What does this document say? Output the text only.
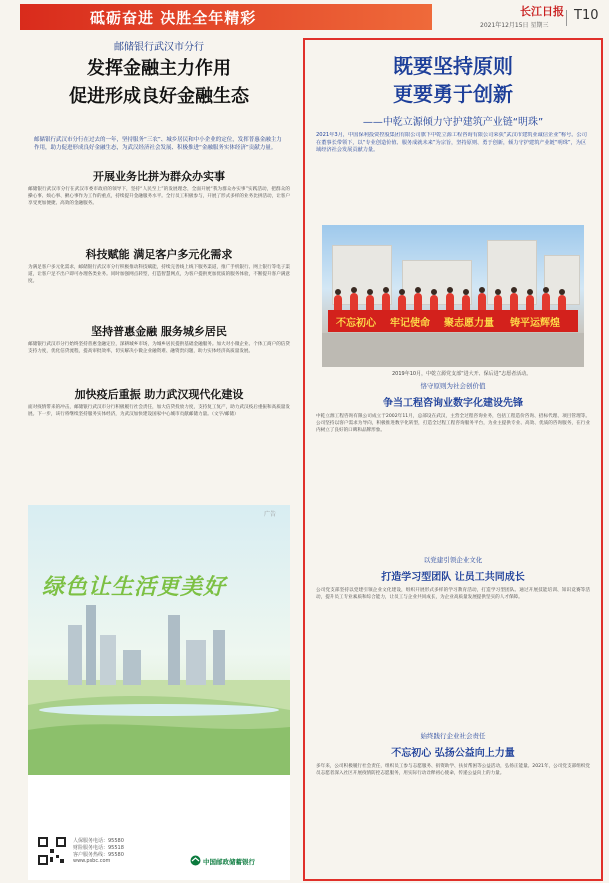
砥砺奋进 决胜全年精彩	长江日报
2021年12月15日 星期三
T10
邮储银行武汉市分行
发挥金融主力作用
促进形成良好金融生态
邮储银行武汉市分行在过去的一年，坚持服务“三农”、城乡居民和中小企业的定位，发挥普惠金融主力作用，助力促进形成良好金融生态，为武汉经济社会发展、积极推进“金融服务实体经济”贡献力量。
开展业务比拼为群众办实事
邮储银行武汉市分行在武汉市委市政府的领导下，坚持“人民至上”的发展理念，全面开展“我为群众办实事”实践活动，把群众的操心事、烦心事、揪心事作为工作的重点，持续提升金融服务水平。全行员工积极参与，开展了形式多样的业务比拼活动，让客户享受更加便捷、高效的金融服务。
科技赋能 满足客户多元化需求
为满足客户多元化需求，邮储银行武汉市分行积极推动科技赋能，持续完善线上线下服务渠道，推广手机银行、网上银行等电子渠道，让客户足不出户即可办理各类业务。同时加强网点转型，打造智慧网点，为客户提供更加优质的服务体验，不断提升客户满意度。
坚持普惠金融 服务城乡居民
邮储银行武汉市分行始终坚持普惠金融定位，深耕城乡市场，为城乡居民提供基础金融服务。加大对小微企业、个体工商户的信贷支持力度，优化信贷流程，提高审批效率，切实解决小微企业融资难、融资贵问题，助力实体经济高质量发展。
加快疫后重振 助力武汉现代化建设
面对疫情带来的冲击，邮储银行武汉市分行积极履行社会责任，加大信贷投放力度，支持复工复产，助力武汉疫后重振和高质量发展。下一步，该行将继续坚持服务实体经济，为武汉加快建设国家中心城市贡献邮储力量。（文字/邮储）
广告
绿色让生活更美好
人保服务电话：95580
财险服务电话：95518
客户服务热线：95580
www.psbc.com	中国邮政储蓄银行
既要坚持原则
更要勇于创新
——中乾立源倾力守护建筑产业链“明珠”
2021年3月，中国保利投资控股集团有限公司旗下中乾立源工程咨询有限公司荣获“武汉市建筑业诚信企业”称号。公司在董事长带领下，以“专业创造价值、服务成就未来”为宗旨，坚持原则、勇于创新，倾力守护建筑产业链“明珠”，为区域经济社会发展贡献力量。
不忘初心 牢记使命 聚志愿力量 铸平运辉煌
2019年10月，中乾立源党支部“进大开、保后进”志愿者活动。
恪守原则为社会创价值
争当工程咨询业数字化建设先锋
中乾立源工程咨询有限公司成立于2002年11月，总部设在武汉，主营全过程咨询业务，包括工程造价咨询、招标代理、项目管理等。公司坚持以客户需求为导向，积极推进数字化转型，打造全过程工程咨询服务平台，为业主提供专业、高效、优质的咨询服务，在行业内树立了良好的口碑和品牌形象。
以党建引领企业文化
打造学习型团队 让员工共同成长
公司党支部坚持以党建引领企业文化建设，组织开展形式多样的学习教育活动，打造学习型团队。通过开展技能培训、知识竞赛等活动，提升员工专业素质和综合能力，让员工与企业共同成长，为企业高质量发展提供坚实的人才保障。
始终践行企业社会责任
不忘初心 弘扬公益向上力量
多年来，公司积极履行社会责任，组织员工参与志愿服务、捐资助学、扶贫帮困等公益活动，弘扬正能量。2021年，公司党支部组织党员志愿者深入社区开展疫情防控志愿服务，用实际行动诠释初心使命，传递公益向上的力量。
